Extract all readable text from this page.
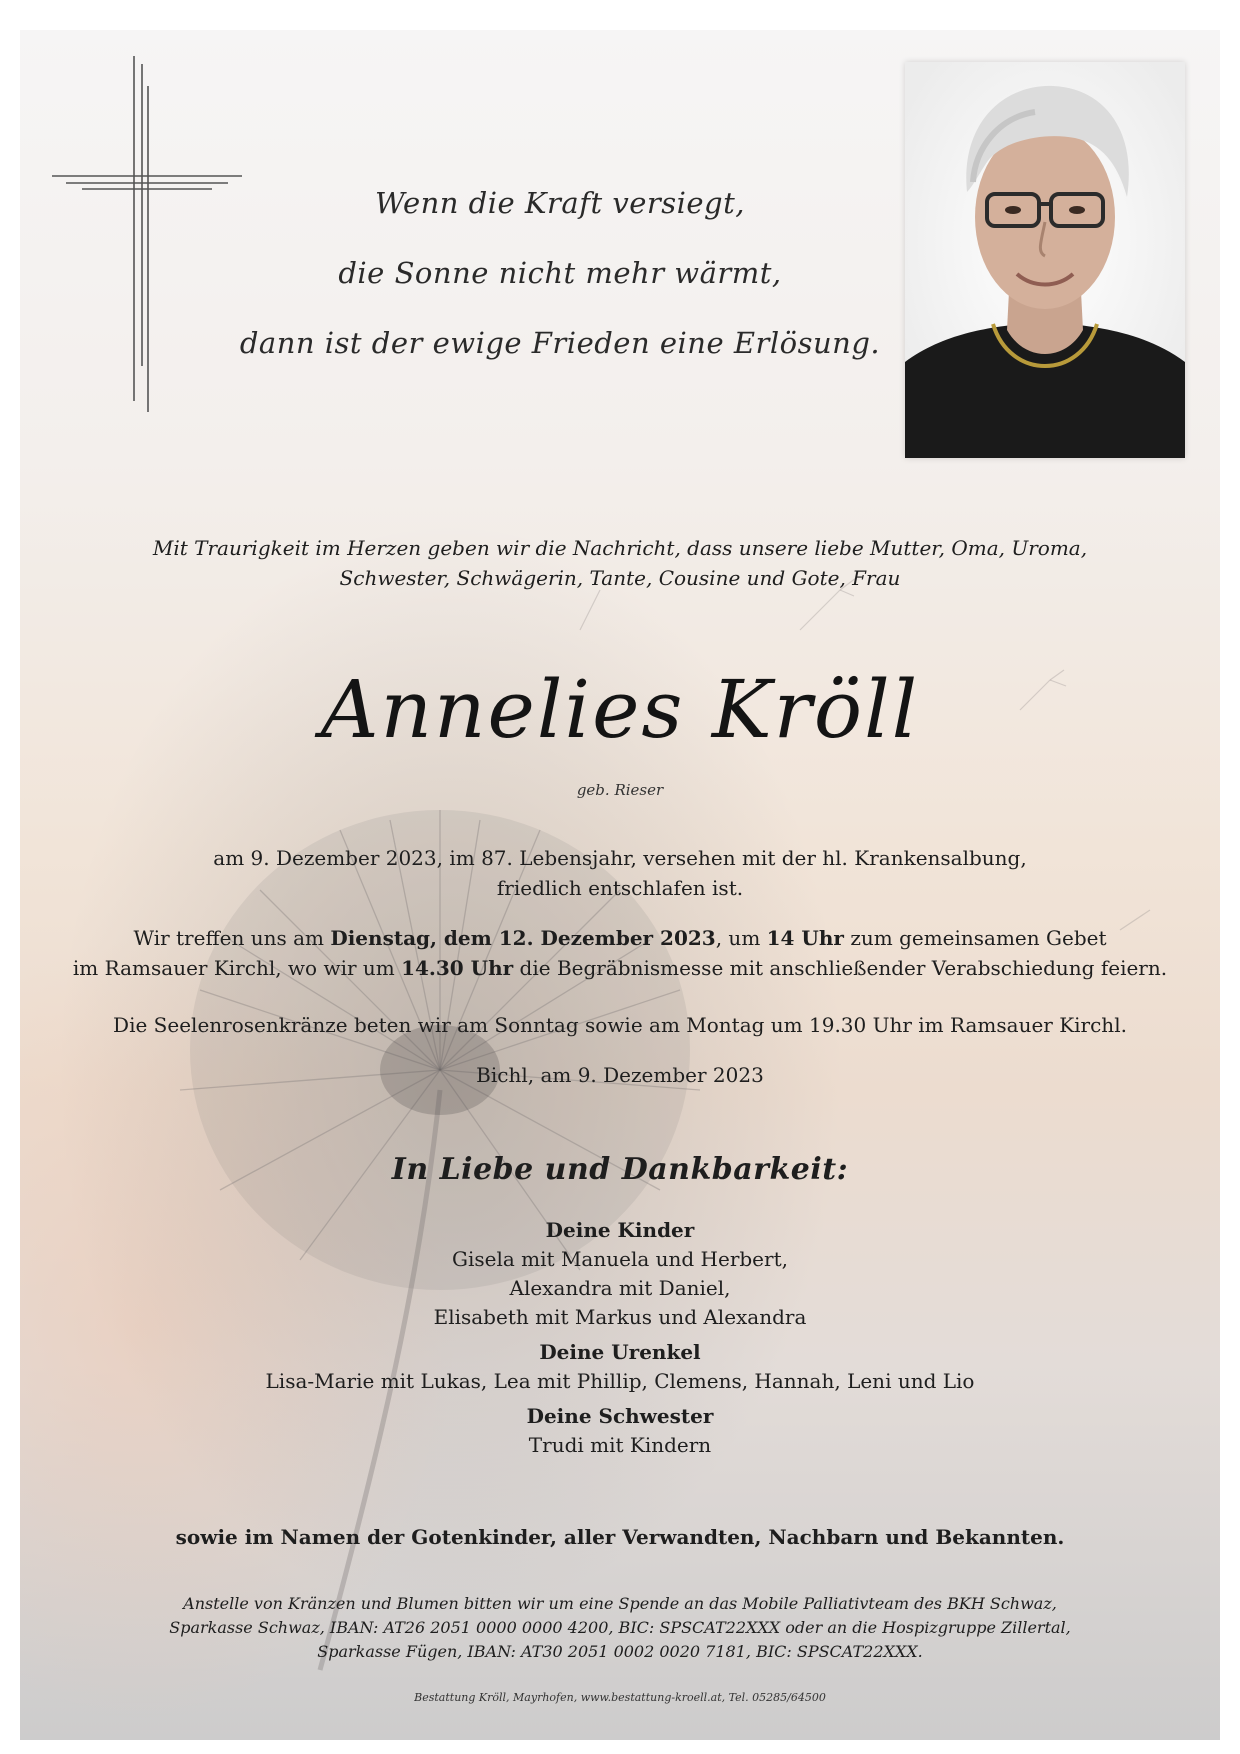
Wenn die Kraft versiegt,
die Sonne nicht mehr wärmt,
dann ist der ewige Frieden eine Erlösung.
Mit Traurigkeit im Herzen geben wir die Nachricht, dass unsere liebe Mutter, Oma, Uroma,
Schwester, Schwägerin, Tante, Cousine und Gote, Frau
Annelies Kröll
geb. Rieser
am 9. Dezember 2023, im 87. Lebensjahr, versehen mit der hl. Krankensalbung,
friedlich entschlafen ist.
Wir treffen uns am Dienstag, dem 12. Dezember 2023, um 14 Uhr zum gemeinsamen Gebet
im Ramsauer Kirchl, wo wir um 14.30 Uhr die Begräbnismesse mit anschließender Verabschiedung feiern.
Die Seelenrosenkränze beten wir am Sonntag sowie am Montag um 19.30 Uhr im Ramsauer Kirchl.
Bichl, am 9. Dezember 2023
In Liebe und Dankbarkeit:
Deine Kinder
Gisela mit Manuela und Herbert,
Alexandra mit Daniel,
Elisabeth mit Markus und Alexandra
Deine Urenkel
Lisa-Marie mit Lukas, Lea mit Phillip, Clemens, Hannah, Leni und Lio
Deine Schwester
Trudi mit Kindern
sowie im Namen der Gotenkinder, aller Verwandten, Nachbarn und Bekannten.
Anstelle von Kränzen und Blumen bitten wir um eine Spende an das Mobile Palliativteam des BKH Schwaz,
Sparkasse Schwaz, IBAN: AT26 2051 0000 0000 4200, BIC: SPSCAT22XXX oder an die Hospizgruppe Zillertal,
Sparkasse Fügen, IBAN: AT30 2051 0002 0020 7181, BIC: SPSCAT22XXX.
Bestattung Kröll, Mayrhofen, www.bestattung-kroell.at, Tel. 05285/64500
